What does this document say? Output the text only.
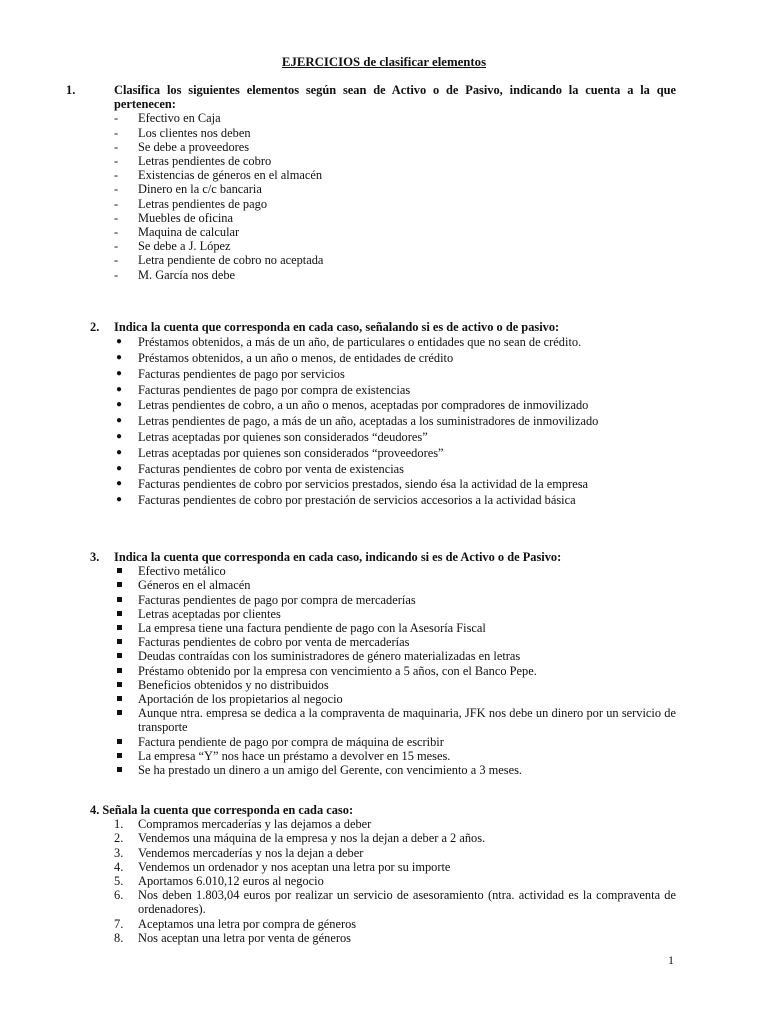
EJERCICIOS de clasificar elementos
1.	Clasifica los siguientes elementos según sean de Activo o de Pasivo, indicando la cuenta a la que pertenecen:
- Efectivo en Caja
- Los clientes nos deben
- Se debe a proveedores
- Letras pendientes de cobro
- Existencias de géneros en el almacén
- Dinero en la c/c bancaria
- Letras pendientes de pago
- Muebles de oficina
- Maquina de calcular
- Se debe a J. López
- Letra pendiente de cobro no aceptada
- M. García nos debe
2. Indica la cuenta que corresponda en cada caso, señalando si es de activo o de pasivo:
● Préstamos obtenidos, a más de un año, de particulares o entidades que no sean de crédito.
● Préstamos obtenidos, a un año o menos, de entidades de crédito
● Facturas pendientes de pago por servicios
● Facturas pendientes de pago por compra de existencias
● Letras pendientes de cobro, a un año o menos, aceptadas por compradores de inmovilizado
● Letras pendientes de pago, a más de un año, aceptadas a los suministradores de inmovilizado
● Letras aceptadas por quienes son considerados “deudores”
● Letras aceptadas por quienes son considerados “proveedores”
● Facturas pendientes de cobro por venta de existencias
● Facturas pendientes de cobro por servicios prestados, siendo ésa la actividad de la empresa
● Facturas pendientes de cobro por prestación de servicios accesorios a la actividad básica
3. Indica la cuenta que corresponda en cada caso, indicando si es de Activo o de Pasivo:
Efectivo metálico
Géneros en el almacén
Facturas pendientes de pago por compra de mercaderías
Letras aceptadas por clientes
La empresa tiene una factura pendiente de pago con la Asesoría Fiscal
Facturas pendientes de cobro por venta de mercaderías
Deudas contraídas con los suministradores de género materializadas en letras
Préstamo obtenido por la empresa con vencimiento a 5 años, con el Banco Pepe.
Beneficios obtenidos y no distribuidos
Aportación de los propietarios al negocio
Aunque ntra. empresa se dedica a la compraventa de maquinaria, JFK nos debe un dinero por un servicio de transporte
Factura pendiente de pago por compra de máquina de escribir
La empresa “Y” nos hace un préstamo a devolver en 15 meses.
Se ha prestado un dinero a un amigo del Gerente, con vencimiento a 3 meses.
4. Señala la cuenta que corresponda en cada caso:
1. Compramos mercaderías y las dejamos a deber
2. Vendemos una máquina de la empresa y nos la dejan a deber a 2 años.
3. Vendemos mercaderías y nos la dejan a deber
4. Vendemos un ordenador y nos aceptan una letra por su importe
5. Aportamos 6.010,12 euros al negocio
6. Nos deben 1.803,04 euros por realizar un servicio de asesoramiento (ntra. actividad es la compraventa de ordenadores).
7. Aceptamos una letra por compra de géneros
8. Nos aceptan una letra por venta de géneros
1
